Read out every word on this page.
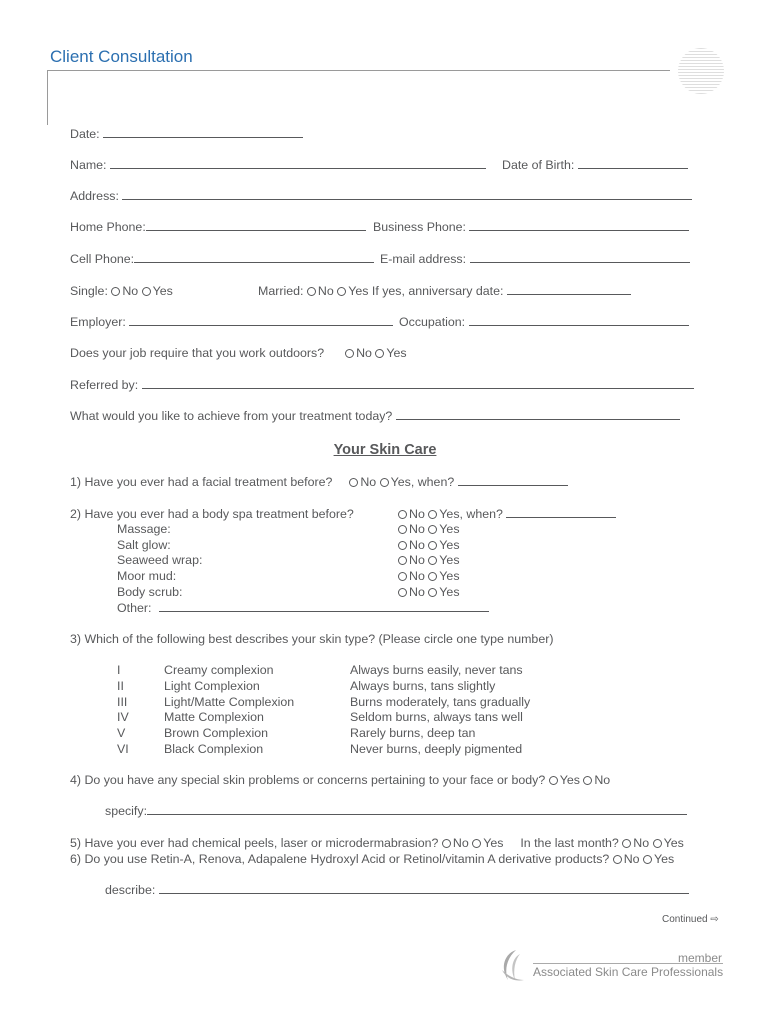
Client Consultation
Date:
Name:	Date of Birth:
Address:
Home Phone:	Business Phone:
Cell Phone:	E-mail address:
Single: No Yes	Married: No Yes If yes, anniversary date:
Employer:	Occupation:
Does your job require that you work outdoors?	No Yes
Referred by:
What would you like to achieve from your treatment today?
Your Skin Care
1) Have you ever had a facial treatment before? No Yes, when?
2) Have you ever had a body spa treatment before?	No Yes, when?
Massage:	No Yes
Salt glow:	No Yes
Seaweed wrap:	No Yes
Moor mud:	No Yes
Body scrub:	No Yes
Other:
3) Which of the following best describes your skin type? (Please circle one type number)
I	Creamy complexion	Always burns easily, never tans
II	Light Complexion	Always burns, tans slightly
III	Light/Matte Complexion	Burns moderately, tans gradually
IV	Matte Complexion	Seldom burns, always tans well
V	Brown Complexion	Rarely burns, deep tan
VI	Black Complexion	Never burns, deeply pigmented
4) Do you have any special skin problems or concerns pertaining to your face or body? Yes No
specify:
5) Have you ever had chemical peels, laser or microdermabrasion? No Yes In the last month? No Yes
6) Do you use Retin-A, Renova, Adapalene Hydroxyl Acid or Retinol/vitamin A derivative products? No Yes
describe:
Continued ⇨
member
Associated Skin Care Professionals
